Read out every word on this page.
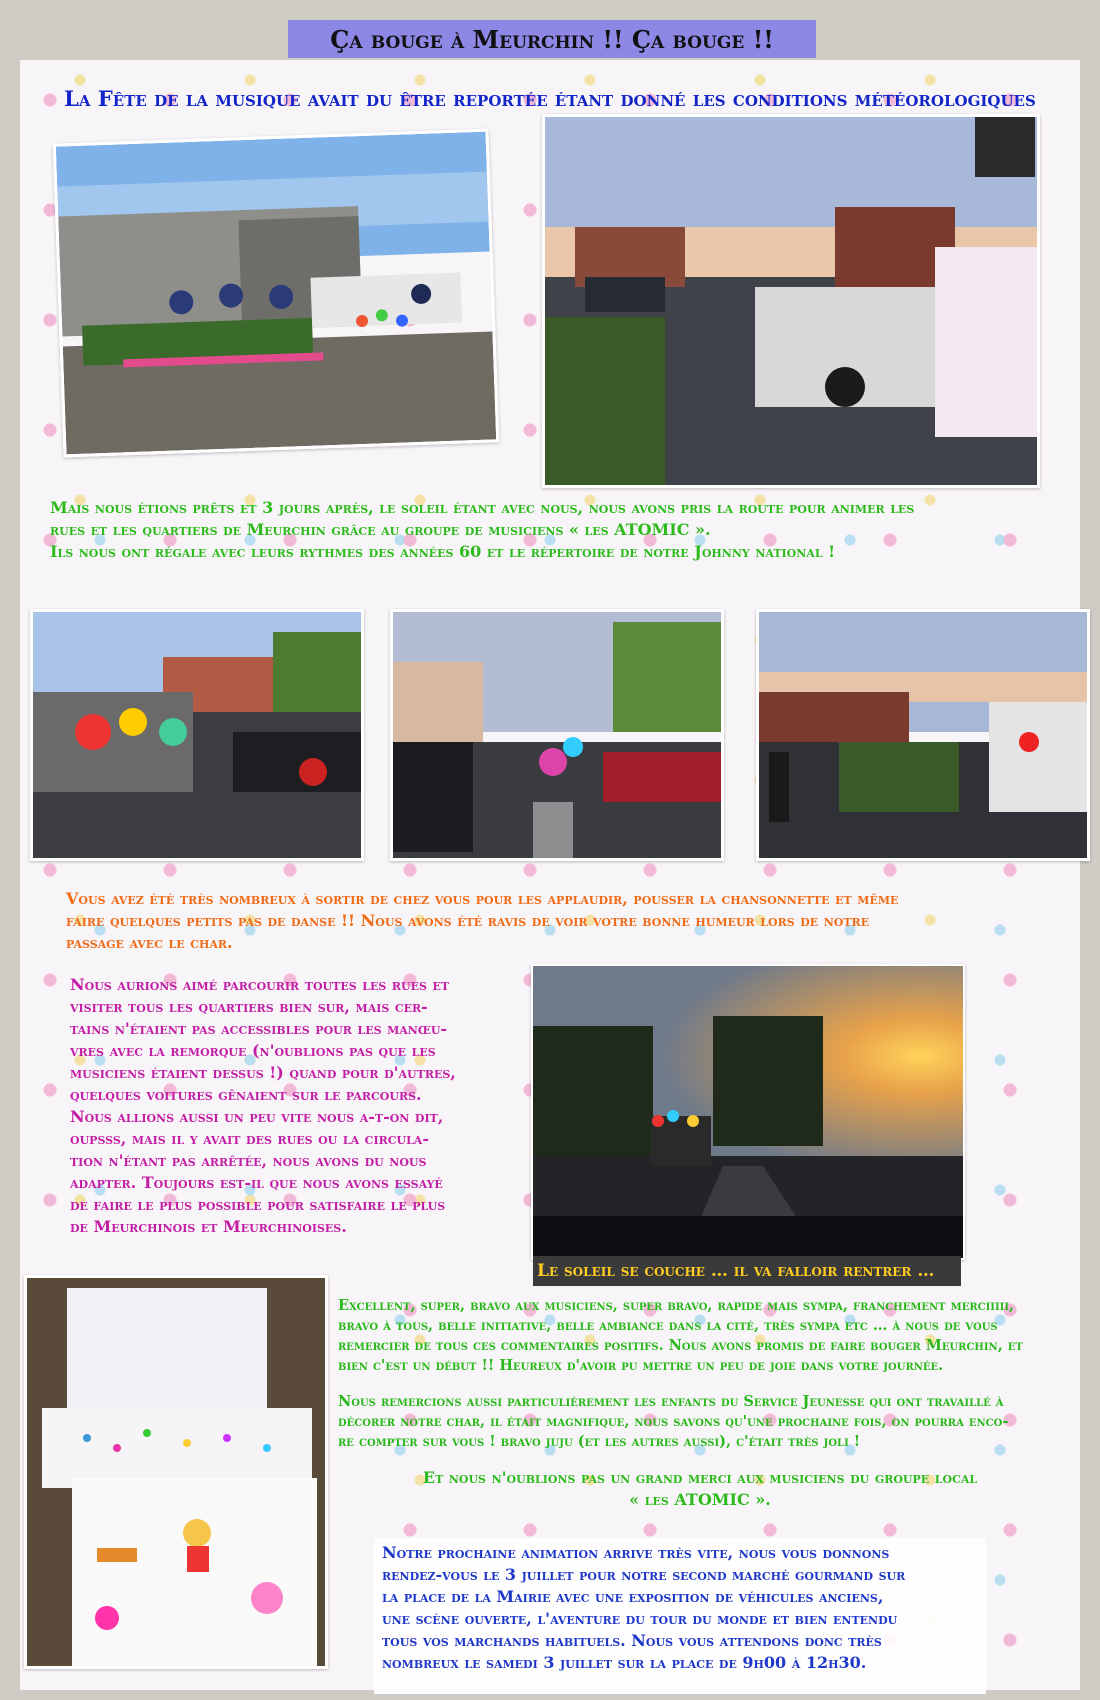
Ça bouge à Meurchin !! Ça bouge !!
La Fête de la musique avait du être reportée étant donné les conditions météorologiques
Mais nous étions prêts et 3 jours après, le soleil étant avec nous, nous avons pris la route pour animer les
rues et les quartiers de Meurchin grâce au groupe de musiciens « les ATOMIC ».
Ils nous ont régale avec leurs rythmes des années 60 et le répertoire de notre Johnny national !
Vous avez été très nombreux à sortir de chez vous pour les applaudir, pousser la chansonnette et même
faire quelques petits pas de danse !! Nous avons été ravis de voir votre bonne humeur lors de notre
passage avec le char.
Nous aurions aimé parcourir toutes les rues et
visiter tous les quartiers bien sur, mais cer-
tains n'étaient pas accessibles pour les manœu-
vres avec la remorque (n'oublions pas que les
musiciens étaient dessus !) quand pour d'autres,
quelques voitures gênaient sur le parcours.
Nous allions aussi un peu vite nous a-t-on dit,
oupsss, mais il y avait des rues ou la circula-
tion n'étant pas arrêtée, nous avons du nous
adapter. Toujours est-il que nous avons essayé
de faire le plus possible pour satisfaire le plus
de Meurchinois et Meurchinoises.
Le soleil se couche … il va falloir rentrer …
Excellent, super, bravo aux musiciens, super bravo, rapide mais sympa, franchement merciiiii,
bravo à tous, belle initiative, belle ambiance dans la cité, très sympa etc … à nous de vous
remercier de tous ces commentaires positifs. Nous avons promis de faire bouger Meurchin, et
bien c'est un début !! Heureux d'avoir pu mettre un peu de joie dans votre journée.
Nous remercions aussi particulièrement les enfants du Service Jeunesse qui ont travaillé à
décorer notre char, il était magnifique, nous savons qu'une prochaine fois, on pourra enco-
re compter sur vous ! bravo juju (et les autres aussi), c'était très joli !
Et nous n'oublions pas un grand merci aux musiciens du groupe local
« les ATOMIC ».
Notre prochaine animation arrive très vite, nous vous donnons
rendez-vous le 3 juillet pour notre second marché gourmand sur
la place de la Mairie avec une exposition de véhicules anciens,
une scène ouverte, l'aventure du tour du monde et bien entendu
tous vos marchands habituels. Nous vous attendons donc très
nombreux le samedi 3 juillet sur la place de 9h00 à 12h30.
